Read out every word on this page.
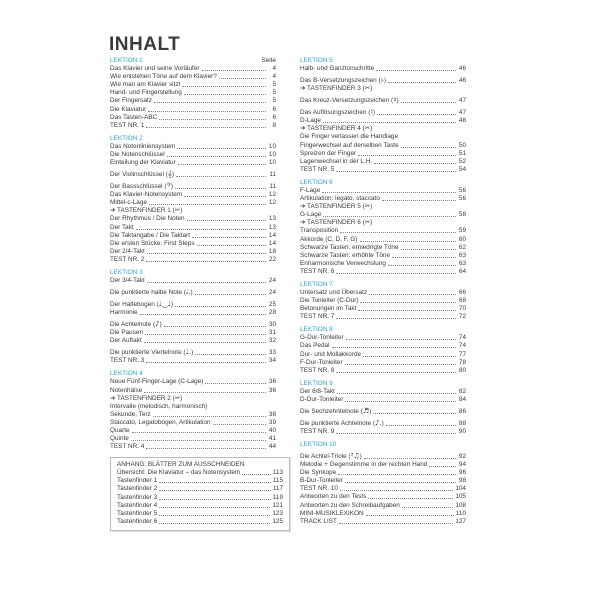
INHALT
LEKTION 1	Seite
Das Klavier und seine Vorläufer	4
Wie entstehen Töne auf dem Klavier?	4
Wie man am Klavier sitzt	5
Hand- und Fingerstellung	5
Der Fingersatz	5
Die Klaviatur	6
Das Tasten-ABC	6
TEST NR. 1	8
LEKTION 2
Das Notenliniensystem	10
Die Notenschlüssel	10
Einteilung der Klaviatur	10
Der Violinschlüssel (𝄞)	11
Der Bassschlüssel (𝄢)	11
Das Klavier-Notensystem	12
Mittel-c-Lage	12
➔ TASTENFINDER 1 (✂)
Der Rhythmus / Die Noten	13
Der Takt	13
Die Taktangabe / Die Taktart	14
Die ersten Stücke: First Steps	14
Der 2/4-Takt	18
TEST NR. 2	22
LEKTION 3
Der 3/4-Takt	24
Die punktierte halbe Note (𝅗𝅥.)	24
Der Haltebogen (♩‿♩)	25
Harmonie	28
Die Achtelnote (♪)	30
Die Pausen	31
Der Auftakt	32
Die punktierte Viertelnote (♩.)	33
TEST NR. 3	34
LEKTION 4
Neue Fünf-Finger-Lage (C-Lage)	36
Notenhälse	36
➔ TASTENFINDER 2 (✂)
Intervalle (melodisch, harmonisch)
Sekunde, Terz	38
Staccato, Legatobogen, Artikulation	39
Quarte	40
Quinte	41
TEST NR. 4	44
ANHANG: BLÄTTER ZUM AUSSCHNEIDEN
Übersicht: Die Klaviatur – das Notensystem	113
Tastenfinder 1	115
Tastenfinder 2	117
Tastenfinder 3	119
Tastenfinder 4	121
Tastenfinder 5	123
Tastenfinder 6	125
LEKTION 5
Halb- und Ganztonschritte	46
Das B-Versetzungszeichen (♭)	46
➔ TASTENFINDER 3 (✂)
Das Kreuz-Versetzungszeichen (♯)	47
Das Auflösungszeichen (♮)	47
D-Lage	48
➔ TASTENFINDER 4 (✂)
Die Finger verlassen die Handlage
Fingerwechsel auf derselben Taste	50
Spreizen der Finger	51
Lagenwechsel in der L.H.	52
TEST NR. 5	54
LEKTION 6
F-Lage	56
Artikulation: legato, staccato	56
➔ TASTENFINDER 5 (✂)
G-Lage	58
➔ TASTENFINDER 6 (✂)
Transposition	59
Akkorde (C, D, F, G)	60
Schwarze Tasten: erniedrigte Töne	62
Schwarze Tasten: erhöhte Töne	63
Enharmonische Verwechslung	63
TEST NR. 6	64
LEKTION 7
Untersatz und Übersatz	66
Die Tonleiter (C-Dur)	68
Betonungen im Takt	70
TEST NR. 7	72
LEKTION 8
G-Dur-Tonleiter	74
Das Pedal	74
Dur- und Mollakkorde	77
F-Dur-Tonleiter	78
TEST NR. 8	80
LEKTION 9
Der 6/8-Takt	82
D-Dur-Tonleiter	84
Die Sechzehntelnote (♬)	86
Die punktierte Achtelnote (♪.)	88
TEST NR. 9	90
LEKTION 10
Die Achtel-Triole (³♫)	92
Melodie + Gegenstimme in der rechten Hand	94
Die Synkope	96
B-Dur-Tonleiter	98
TEST NR. 10	104
Antworten zu den Tests	105
Antworten zu den Schreibaufgaben	108
MINI-MUSIKLEXIKON	110
TRACK LIST	127
